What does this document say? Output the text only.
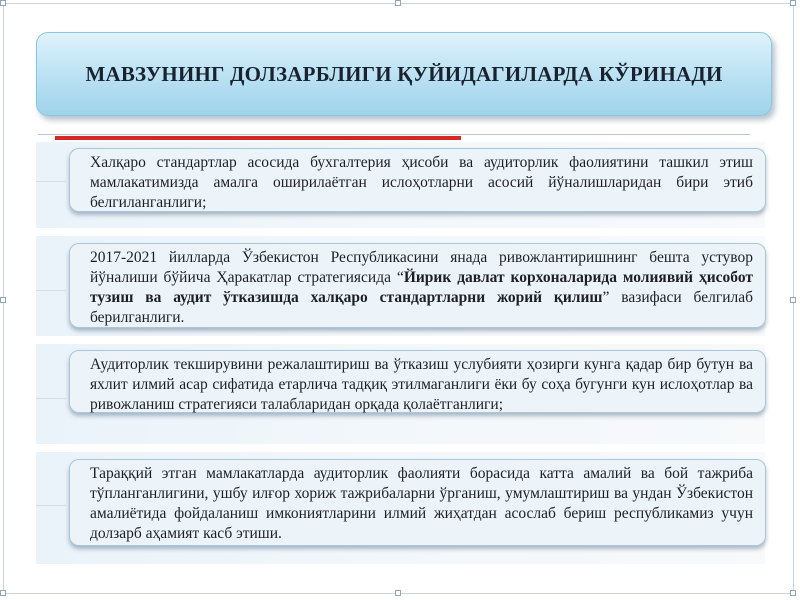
МАВЗУНИНГ ДОЛЗАРБЛИГИ ҚУЙИДАГИЛАРДА КЎРИНАДИ
Халқаро стандартлар асосида бухгалтерия ҳисоби ва аудиторлик фаолиятини ташкил этиш мамлакатимизда амалга оширилаётган ислоҳотларни асосий йўналишларидан бири этиб белгиланганлиги;
2017-2021 йилларда Ўзбекистон Республикасини янада ривожлантиришнинг бешта устувор йўналиши бўйича Ҳаракатлар стратегиясида “Йирик давлат корхоналарида молиявий ҳисобот тузиш ва аудит ўтказишда халқаро стандартларни жорий қилиш” вазифаси белгилаб берилганлиги.
Аудиторлик текширувини режалаштириш ва ўтказиш услубияти ҳозирги кунга қадар бир бутун ва яхлит илмий асар сифатида етарлича тадқиқ этилмаганлиги ёки бу соҳа бугунги кун ислоҳотлар ва ривожланиш стратегияси талабларидан орқада қолаётганлиги;
Тараққий этган мамлакатларда аудиторлик фаолияти борасида катта амалий ва бой тажриба тўпланганлигини, ушбу илғор хориж тажрибаларни ўрганиш, умумлаштириш ва ундан Ўзбекистон амалиётида фойдаланиш имкониятларини илмий жиҳатдан асослаб бериш республикамиз учун долзарб аҳамият касб этиши.
